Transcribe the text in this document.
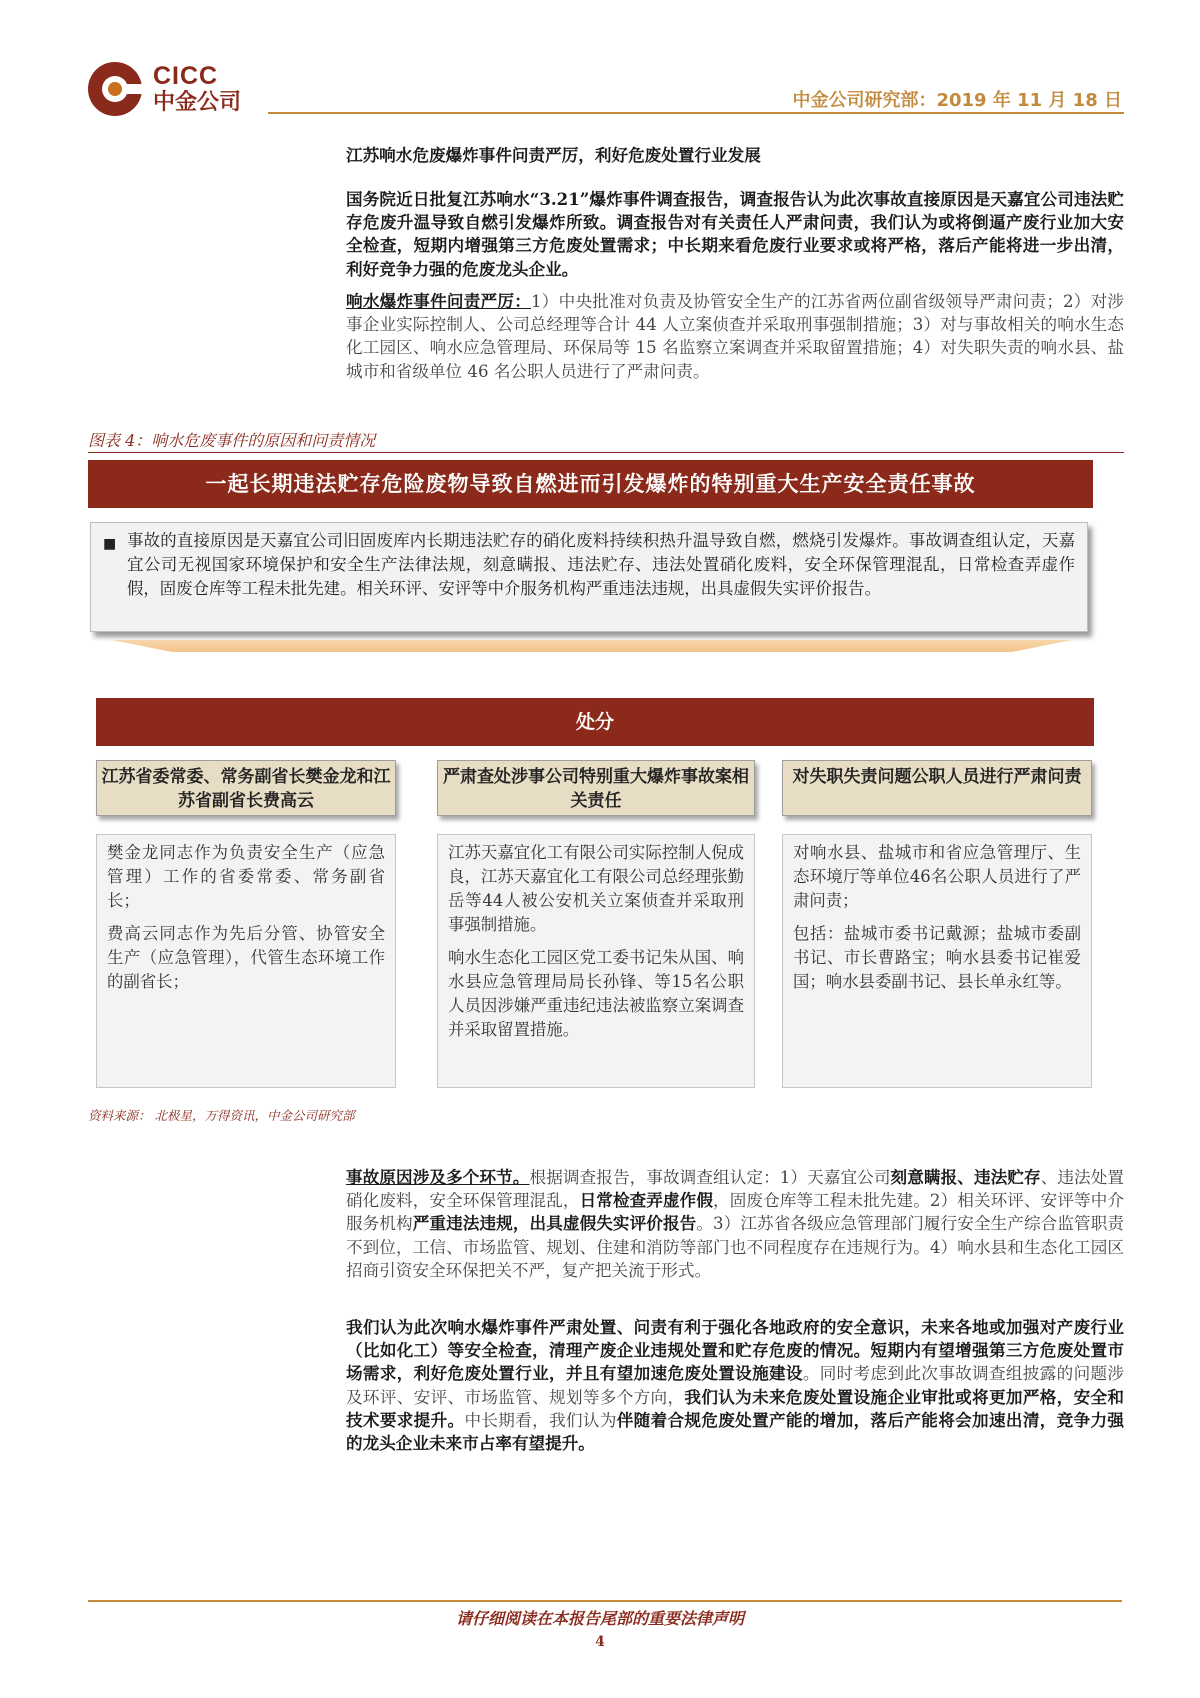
CICC
中金公司	中金公司研究部：2019 年 11 月 18 日
江苏响水危废爆炸事件问责严厉，利好危废处置行业发展
国务院近日批复江苏响水“3.21”爆炸事件调查报告，调查报告认为此次事故直接原因是天嘉宜公司违法贮存危废升温导致自燃引发爆炸所致。调查报告对有关责任人严肃问责，我们认为或将倒逼产废行业加大安全检查，短期内增强第三方危废处置需求；中长期来看危废行业要求或将严格，落后产能将进一步出清，利好竞争力强的危废龙头企业。
响水爆炸事件问责严厉：1）中央批准对负责及协管安全生产的江苏省两位副省级领导严肃问责；2）对涉事企业实际控制人、公司总经理等合计 44 人立案侦查并采取刑事强制措施；3）对与事故相关的响水生态化工园区、响水应急管理局、环保局等 15 名监察立案调查并采取留置措施；4）对失职失责的响水县、盐城市和省级单位 46 名公职人员进行了严肃问责。
图表 4：响水危废事件的原因和问责情况
一起长期违法贮存危险废物导致自燃进而引发爆炸的特别重大生产安全责任事故
■ 事故的直接原因是天嘉宜公司旧固废库内长期违法贮存的硝化废料持续积热升温导致自燃，燃烧引发爆炸。事故调查组认定，天嘉宜公司无视国家环境保护和安全生产法律法规，刻意瞒报、违法贮存、违法处置硝化废料，安全环保管理混乱，日常检查弄虚作假，固废仓库等工程未批先建。相关环评、安评等中介服务机构严重违法违规，出具虚假失实评价报告。
处分
江苏省委常委、常务副省长樊金龙和江苏省副省长费高云
严肃查处涉事公司特别重大爆炸事故案相关责任
对失职失责问题公职人员进行严肃问责

樊金龙同志作为负责安全生产（应急管理）工作的省委常委、常务副省长；

费高云同志作为先后分管、协管安全生产（应急管理），代管生态环境工作的副省长；

江苏天嘉宜化工有限公司实际控制人倪成良，江苏天嘉宜化工有限公司总经理张勤岳等44人被公安机关立案侦查并采取刑事强制措施。

响水生态化工园区党工委书记朱从国、响水县应急管理局局长孙锋、等15名公职人员因涉嫌严重违纪违法被监察立案调查并采取留置措施。

对响水县、盐城市和省应急管理厅、生态环境厅等单位46名公职人员进行了严肃问责；

包括：盐城市委书记戴源；盐城市委副书记、市长曹路宝；响水县委书记崔爱国；响水县委副书记、县长单永红等。

资料来源： 北极星，万得资讯，中金公司研究部
事故原因涉及多个环节。根据调查报告，事故调查组认定：1）天嘉宜公司刻意瞒报、违法贮存、违法处置硝化废料，安全环保管理混乱，日常检查弄虚作假，固废仓库等工程未批先建。2）相关环评、安评等中介服务机构严重违法违规，出具虚假失实评价报告。3）江苏省各级应急管理部门履行安全生产综合监管职责不到位，工信、市场监管、规划、住建和消防等部门也不同程度存在违规行为。4）响水县和生态化工园区招商引资安全环保把关不严，复产把关流于形式。
我们认为此次响水爆炸事件严肃处置、问责有利于强化各地政府的安全意识，未来各地或加强对产废行业（比如化工）等安全检查，清理产废企业违规处置和贮存危废的情况。短期内有望增强第三方危废处置市场需求，利好危废处置行业，并且有望加速危废处置设施建设。同时考虑到此次事故调查组披露的问题涉及环评、安评、市场监管、规划等多个方向，我们认为未来危废处置设施企业审批或将更加严格，安全和技术要求提升。中长期看，我们认为伴随着合规危废处置产能的增加，落后产能将会加速出清，竞争力强的龙头企业未来市占率有望提升。
请仔细阅读在本报告尾部的重要法律声明
4
